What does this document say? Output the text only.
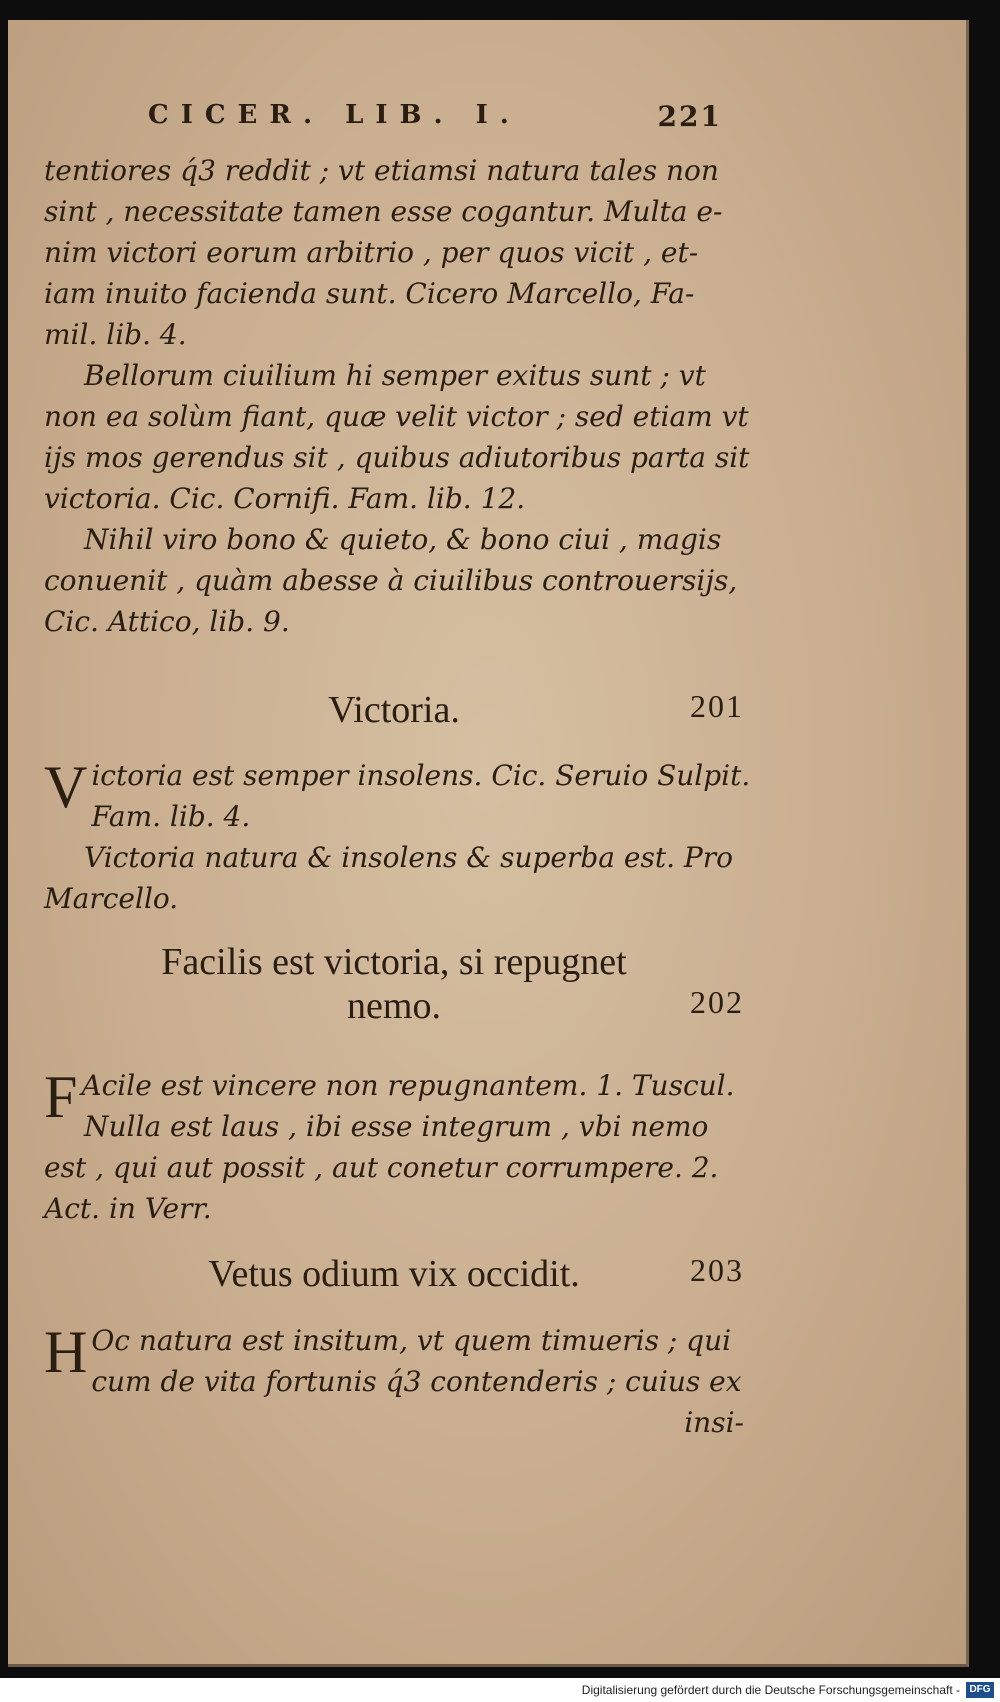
CICER. LIB. I.	221

tentiores q́3 reddit ; vt etiamsi natura tales non

sint , necessitate tamen esse cogantur. Multa e-

nim victori eorum arbitrio , per quos vicit , et-

iam inuito facienda sunt. Cicero Marcello, Fa-

mil. lib. 4.

Bellorum ciuilium hi semper exitus sunt ; vt

non ea solùm fiant, quæ velit victor ; sed etiam vt

ijs mos gerendus sit , quibus adiutoribus parta sit

victoria. Cic. Cornifi. Fam. lib. 12.

Nihil viro bono & quieto, & bono ciui , magis

conuenit , quàm abesse à ciuilibus controuersijs,

Cic. Attico, lib. 9.

Victoria.	201
V ictoria est semper insolens. Cic. Seruio Sulpit.

Fam. lib. 4.

Victoria natura & insolens & superba est. Pro

Marcello.

Facilis est victoria, si repugnet
nemo.	202
F Acile est vincere non repugnantem. 1. Tuscul.

Nulla est laus , ibi esse integrum , vbi nemo

est , qui aut possit , aut conetur corrumpere. 2.

Act. in Verr.

Vetus odium vix occidit.	203
H Oc natura est insitum, vt quem timueris ; qui

cum de vita fortunis q́3 contenderis ; cuius ex

insi-

Digitalisierung gefördert durch die Deutsche Forschungsgemeinschaft - DFG
